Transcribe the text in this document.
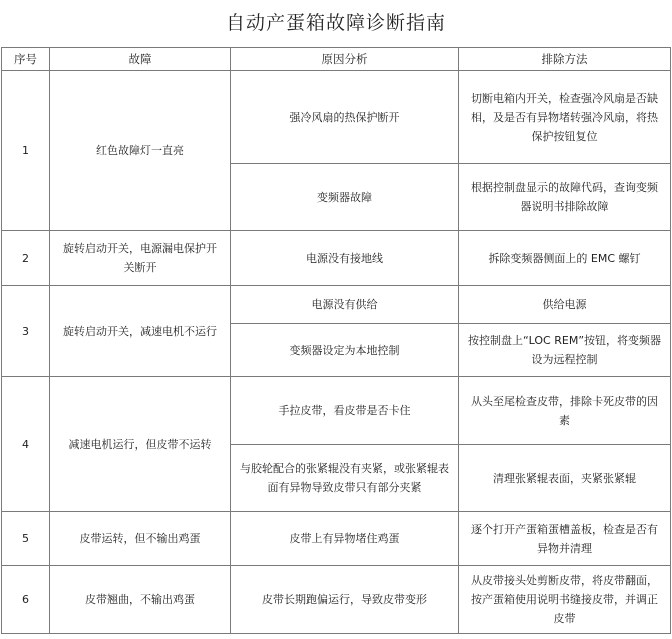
自动产蛋箱故障诊断指南
序号	故障	原因分析	排除方法
1	红色故障灯一直亮	强冷风扇的热保护断开	切断电箱内开关，检查强冷风扇是否缺相，及是否有异物堵转强冷风扇，将热保护按钮复位
		变频器故障	根据控制盘显示的故障代码，查询变频器说明书排除故障
2	旋转启动开关，电源漏电保护开关断开	电源没有接地线	拆除变频器侧面上的 EMC 螺钉
3	旋转启动开关，减速电机不运行	电源没有供给	供给电源
		变频器设定为本地控制	按控制盘上“LOC REM”按钮，将变频器设为远程控制
4	减速电机运行，但皮带不运转	手拉皮带，看皮带是否卡住	从头至尾检查皮带，排除卡死皮带的因素
		与胶轮配合的张紧辊没有夹紧，或张紧辊表面有异物导致皮带只有部分夹紧	清理张紧辊表面，夹紧张紧辊
5	皮带运转，但不输出鸡蛋	皮带上有异物堵住鸡蛋	逐个打开产蛋箱蛋槽盖板，检查是否有异物并清理
6	皮带翘曲，不输出鸡蛋	皮带长期跑偏运行，导致皮带变形	从皮带接头处剪断皮带，将皮带翻面，按产蛋箱使用说明书缝接皮带，并调正皮带
